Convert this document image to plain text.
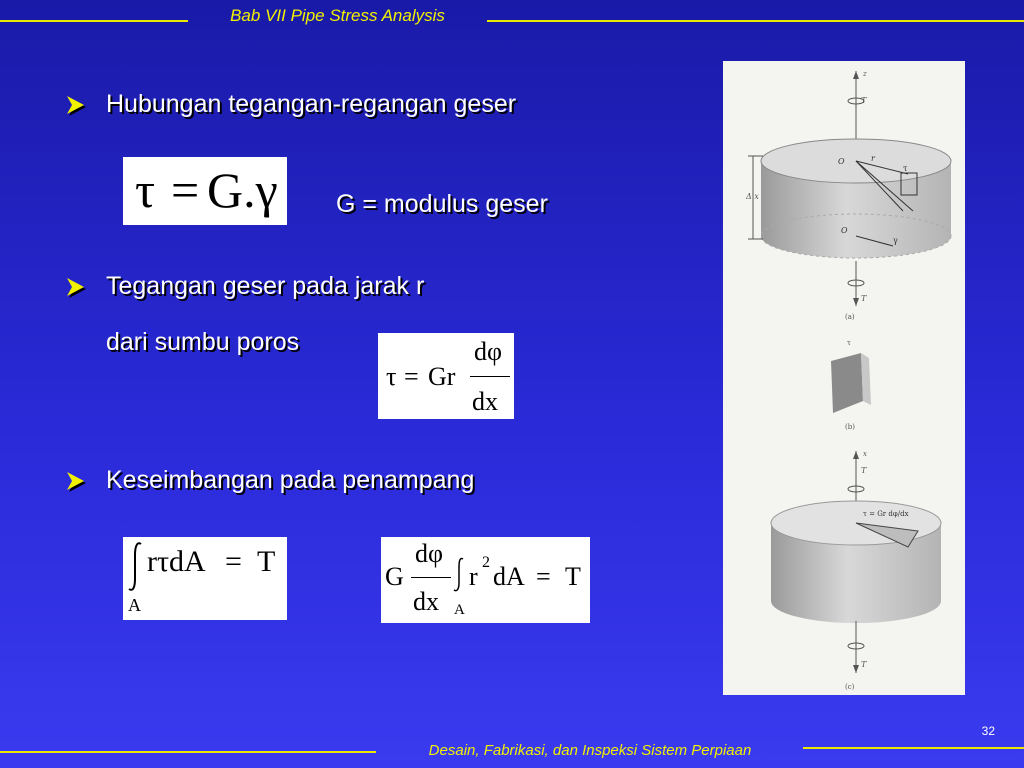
Bab VII Pipe Stress Analysis
Hubungan tegangan-regangan geser
τ = G.γ G = modulus geser
Tegangan geser pada jarak r
dari sumbu poros
τ = Gr
dφ
dx
Keseimbangan pada penampang
rτdA = T
A
G
dφ
dx
r 2 dA = T
A
z
T
O	r
τ
O
γ
Δ x
T
(a)
τ
(b)
x
T
τ = Gr dφ/dx
T
(c)
32
Desain, Fabrikasi, dan Inspeksi Sistem Perpiaan
